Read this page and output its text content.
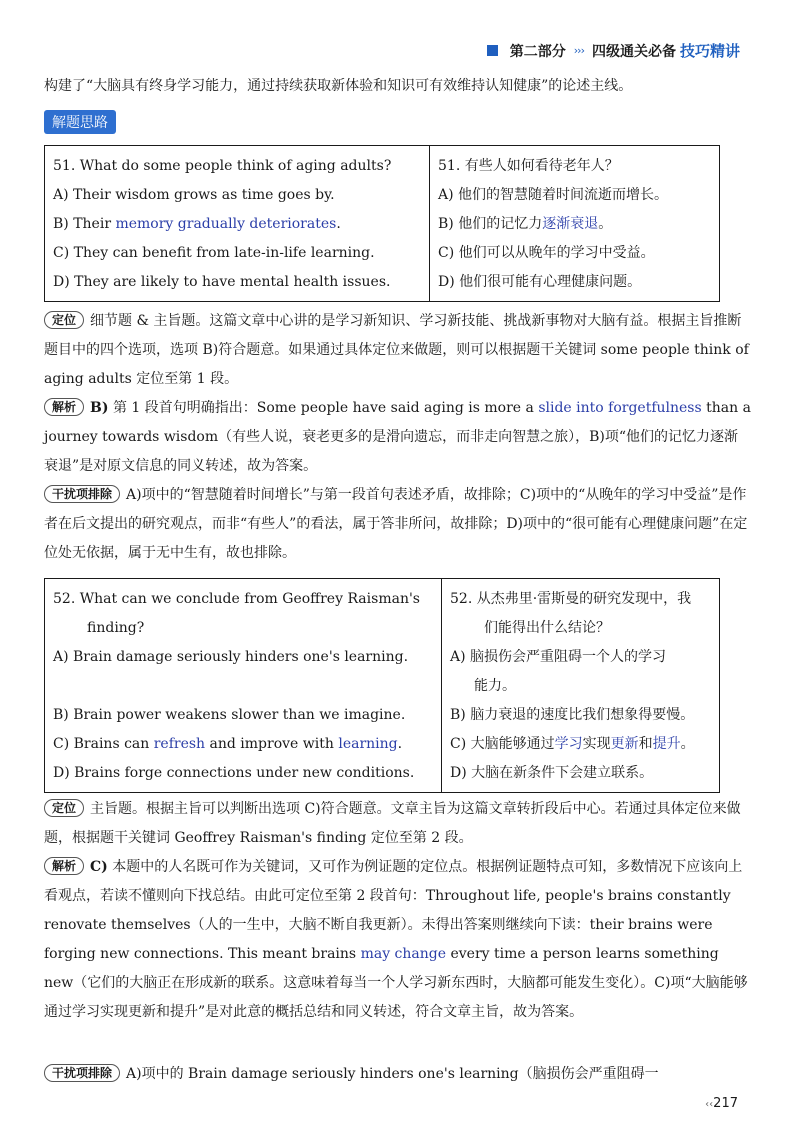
第二部分 ››› 四级通关必备 技巧精讲

构建了“大脑具有终身学习能力，通过持续获取新体验和知识可有效维持认知健康”的论述主线。

解题思路
51. What do some people think of aging adults?
A) Their wisdom grows as time goes by.
B) Their memory gradually deteriorates.
C) They can benefit from late-in-life learning.
D) They are likely to have mental health issues.

51. 有些人如何看待老年人？
A) 他们的智慧随着时间流逝而增长。
B) 他们的记忆力逐渐衰退。
C) 他们可以从晚年的学习中受益。
D) 他们很可能有心理健康问题。

定位 细节题 & 主旨题。这篇文章中心讲的是学习新知识、学习新技能、挑战新事物对大脑有益。根据主旨推断题目中的四个选项，选项 B)符合题意。如果通过具体定位来做题，则可以根据题干关键词 some people think of aging adults 定位至第 1 段。

解析 B) 第 1 段首句明确指出：Some people have said aging is more a slide into forgetfulness than a journey towards wisdom（有些人说，衰老更多的是滑向遗忘，而非走向智慧之旅），B)项“他们的记忆力逐渐衰退”是对原文信息的同义转述，故为答案。

干扰项排除 A)项中的“智慧随着时间增长”与第一段首句表述矛盾，故排除；C)项中的“从晚年的学习中受益”是作者在后文提出的研究观点，而非“有些人”的看法，属于答非所问，故排除；D)项中的“很可能有心理健康问题”在定位处无依据，属于无中生有，故也排除。

52. What can we conclude from Geoffrey Raisman's
finding?
A) Brain damage seriously hinders one's learning.

B) Brain power weakens slower than we imagine.
C) Brains can refresh and improve with learning.
D) Brains forge connections under new conditions.

52. 从杰弗里·雷斯曼的研究发现中，我
们能得出什么结论？
A) 脑损伤会严重阻碍一个人的学习
能力。
B) 脑力衰退的速度比我们想象得要慢。
C) 大脑能够通过学习实现更新和提升。
D) 大脑在新条件下会建立联系。

定位 主旨题。根据主旨可以判断出选项 C)符合题意。文章主旨为这篇文章转折段后中心。若通过具体定位来做题，根据题干关键词 Geoffrey Raisman's finding 定位至第 2 段。

解析 C) 本题中的人名既可作为关键词，又可作为例证题的定位点。根据例证题特点可知，多数情况下应该向上看观点，若读不懂则向下找总结。由此可定位至第 2 段首句：Throughout life, people's brains constantly renovate themselves（人的一生中，大脑不断自我更新）。未得出答案则继续向下读：their brains were forging new connections. This meant brains may change every time a person learns something new（它们的大脑正在形成新的联系。这意味着每当一个人学习新东西时，大脑都可能发生变化）。C)项“大脑能够通过学习实现更新和提升”是对此意的概括总结和同义转述，符合文章主旨，故为答案。

干扰项排除 A)项中的 Brain damage seriously hinders one's learning（脑损伤会严重阻碍一

‹‹217
